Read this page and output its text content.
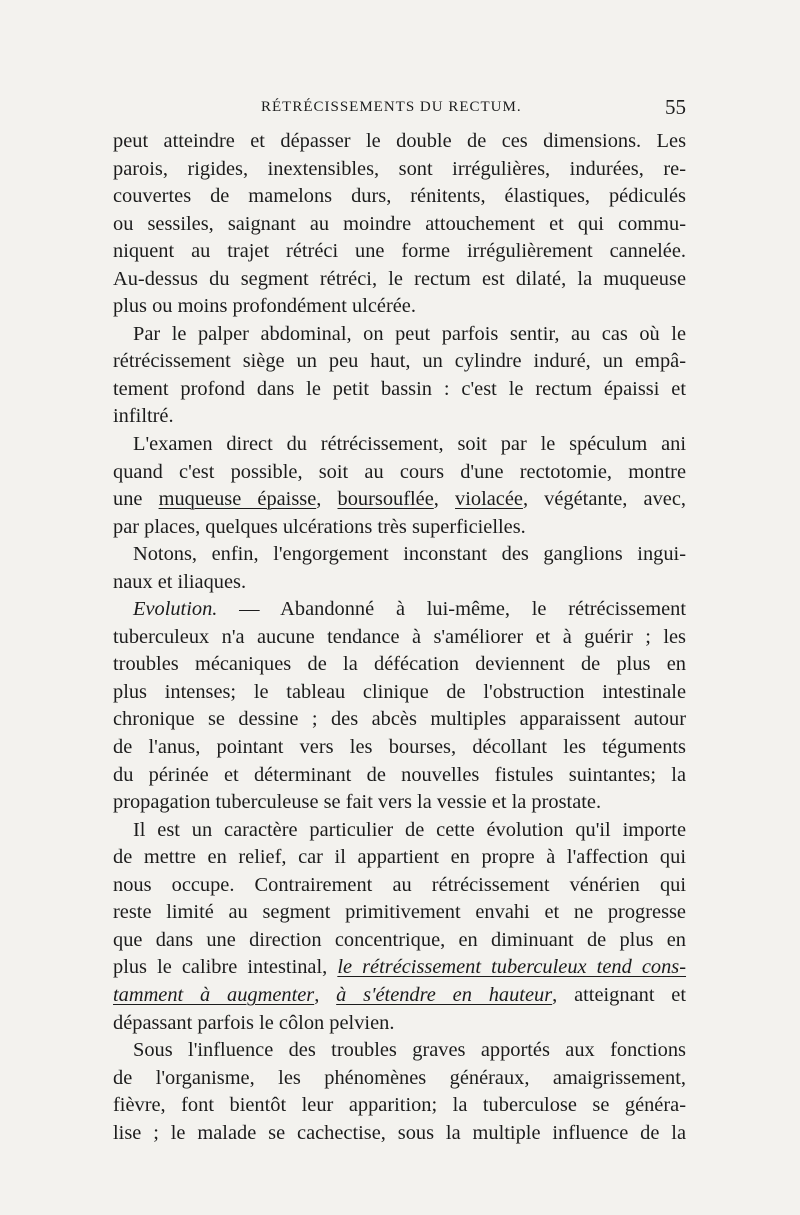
RÉTRÉCISSEMENTS DU RECTUM.	55
peut atteindre et dépasser le double de ces dimensions. Les
parois, rigides, inextensibles, sont irrégulières, indurées, re-
couvertes de mamelons durs, rénitents, élastiques, pédiculés
ou sessiles, saignant au moindre attouchement et qui commu-
niquent au trajet rétréci une forme irrégulièrement cannelée.
Au-dessus du segment rétréci, le rectum est dilaté, la muqueuse
plus ou moins profondément ulcérée.
Par le palper abdominal, on peut parfois sentir, au cas où le
rétrécissement siège un peu haut, un cylindre induré, un empâ-
tement profond dans le petit bassin : c'est le rectum épaissi et
infiltré.
L'examen direct du rétrécissement, soit par le spéculum ani
quand c'est possible, soit au cours d'une rectotomie, montre
une muqueuse épaisse, boursouflée, violacée, végétante, avec,
par places, quelques ulcérations très superficielles.
Notons, enfin, l'engorgement inconstant des ganglions ingui-
naux et iliaques.
Evolution. — Abandonné à lui-même, le rétrécissement
tuberculeux n'a aucune tendance à s'améliorer et à guérir ; les
troubles mécaniques de la défécation deviennent de plus en
plus intenses; le tableau clinique de l'obstruction intestinale
chronique se dessine ; des abcès multiples apparaissent autour
de l'anus, pointant vers les bourses, décollant les téguments
du périnée et déterminant de nouvelles fistules suintantes; la
propagation tuberculeuse se fait vers la vessie et la prostate.
Il est un caractère particulier de cette évolution qu'il importe
de mettre en relief, car il appartient en propre à l'affection qui
nous occupe. Contrairement au rétrécissement vénérien qui
reste limité au segment primitivement envahi et ne progresse
que dans une direction concentrique, en diminuant de plus en
plus le calibre intestinal, le rétrécissement tuberculeux tend cons-
tamment à augmenter, à s'étendre en hauteur, atteignant et
dépassant parfois le côlon pelvien.
Sous l'influence des troubles graves apportés aux fonctions
de l'organisme, les phénomènes généraux, amaigrissement,
fièvre, font bientôt leur apparition; la tuberculose se généra-
lise ; le malade se cachectise, sous la multiple influence de la
